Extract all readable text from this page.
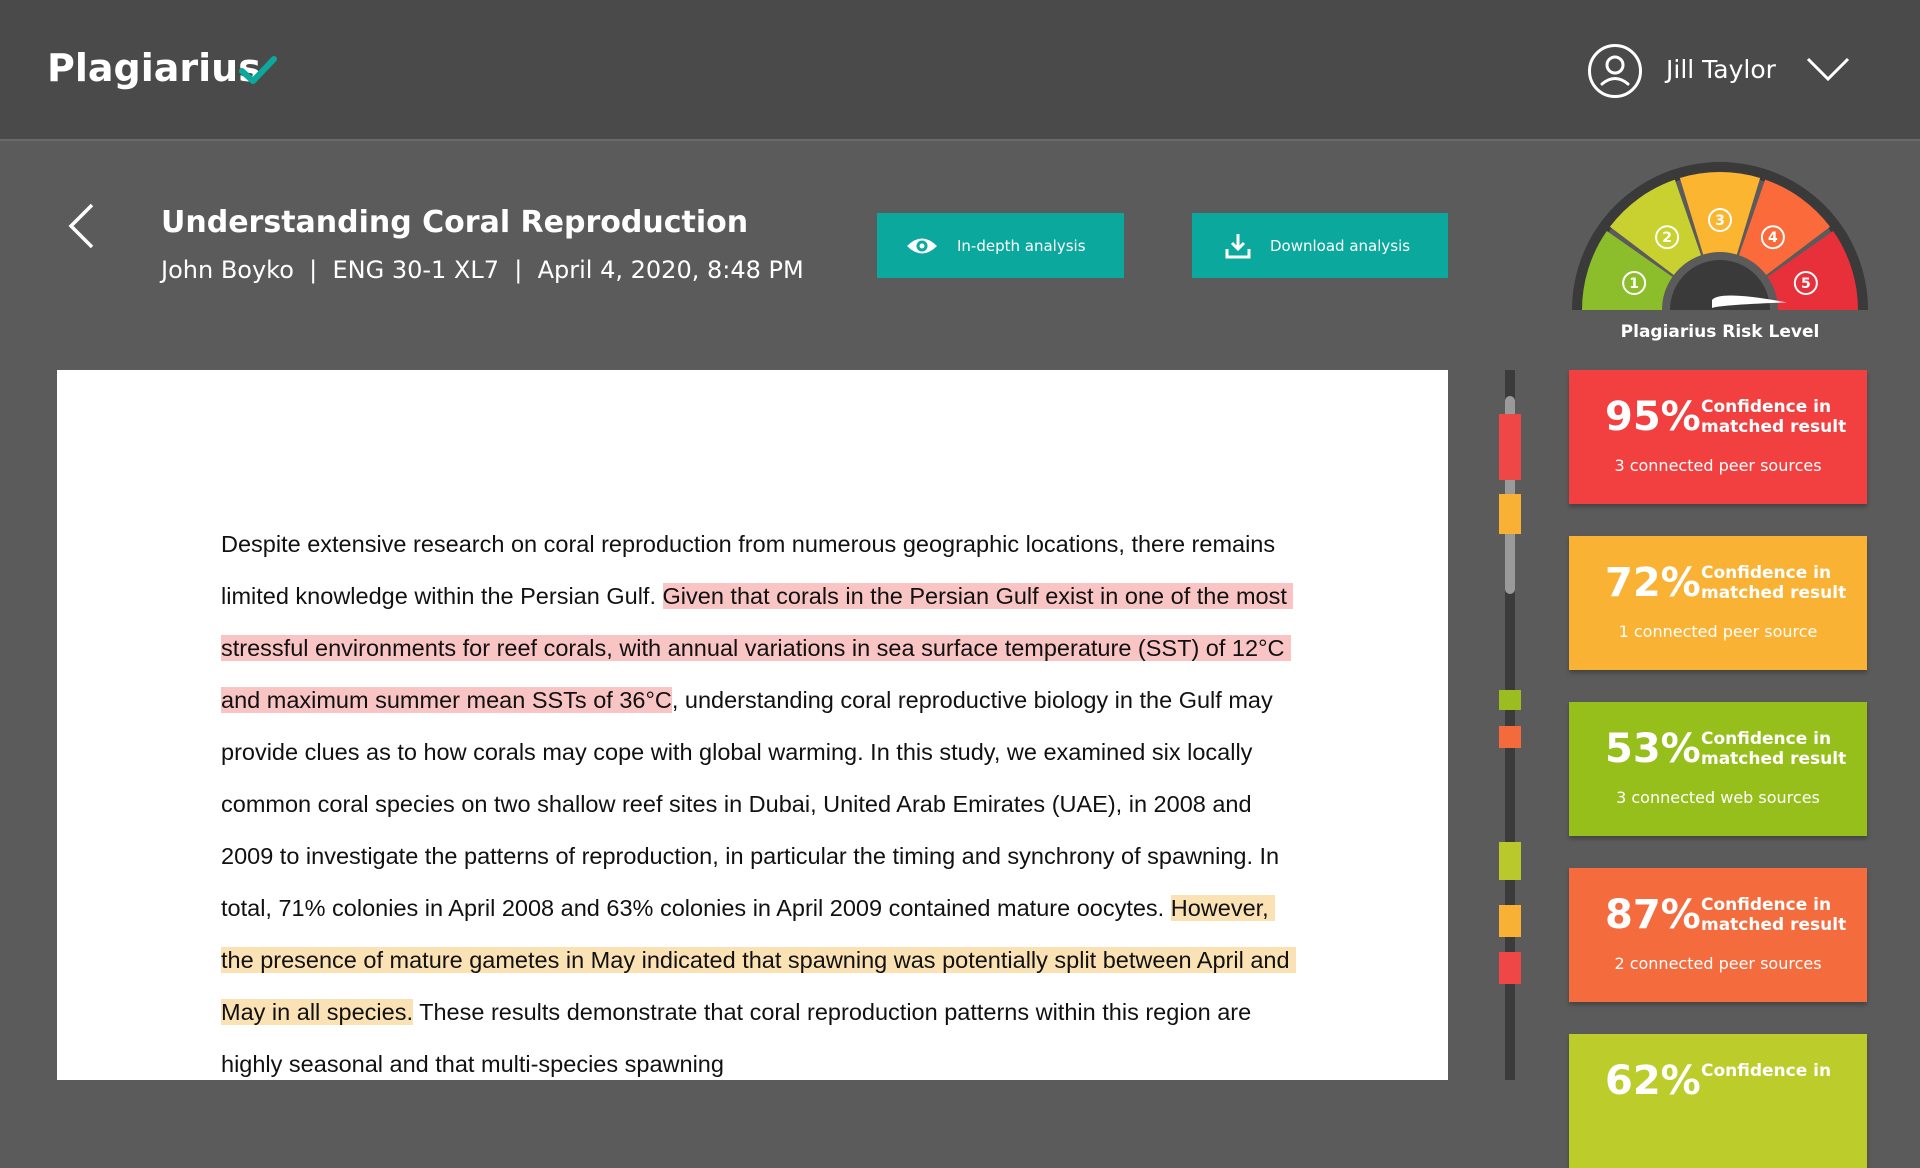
Plagiarius	Jill Taylor
Understanding Coral Reproduction
John Boyko  |  ENG 30-1 XL7  |  April 4, 2020, 8:48 PM
In-depth analysis	Download analysis
1
2
3
4
5
Plagiarius Risk Level
Despite extensive research on coral reproduction from numerous geographic locations, there remains limited knowledge within the Persian Gulf. Given that corals in the Persian Gulf exist in one of the most stressful environments for reef corals, with annual variations in sea surface temperature (SST) of 12°C and maximum summer mean SSTs of 36°C, understanding coral reproductive biology in the Gulf may provide clues as to how corals may cope with global warming. In this study, we examined six locally common coral species on two shallow reef sites in Dubai, United Arab Emirates (UAE), in 2008 and 2009 to investigate the patterns of reproduction, in particular the timing and synchrony of spawning. In total, 71% colonies in April 2008 and 63% colonies in April 2009 contained mature oocytes. However, the presence of mature gametes in May indicated that spawning was potentially split between April and May in all species. These results demonstrate that coral reproduction patterns within this region are highly seasonal and that multi-species spawning
95% Confidence in matched result
3 connected peer sources
72% Confidence in matched result
1 connected peer source
53% Confidence in matched result
3 connected web sources
87% Confidence in matched result
2 connected peer sources
62% Confidence in
